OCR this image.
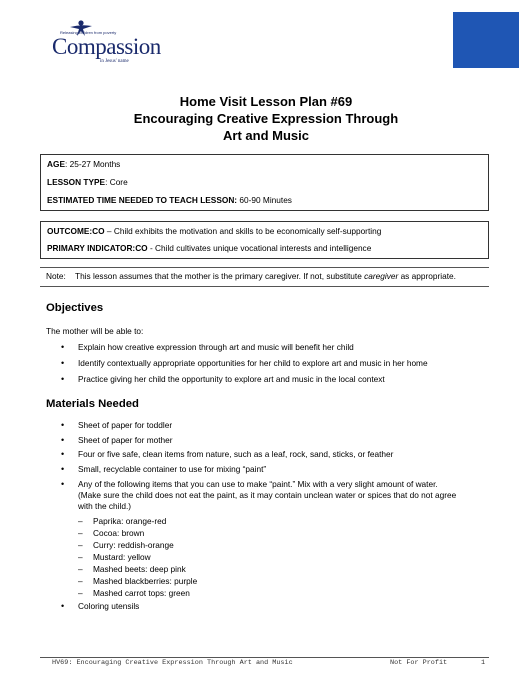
Releasing children from poverty
Compassion
in Jesus' name
Home Visit Lesson Plan #69
Encouraging Creative Expression Through
Art and Music
AGE: 25-27 Months
LESSON TYPE: Core
ESTIMATED TIME NEEDED TO TEACH LESSON: 60-90 Minutes
OUTCOME:CO – Child exhibits the motivation and skills to be economically self-supporting
PRIMARY INDICATOR:CO - Child cultivates unique vocational interests and intelligence
Note: This lesson assumes that the mother is the primary caregiver. If not, substitute caregiver as appropriate.
Objectives
The mother will be able to:
Explain how creative expression through art and music will benefit her child
Identify contextually appropriate opportunities for her child to explore art and music in her home
Practice giving her child the opportunity to explore art and music in the local context
Materials Needed
Sheet of paper for toddler
Sheet of paper for mother
Four or five safe, clean items from nature, such as a leaf, rock, sand, sticks, or feather
Small, recyclable container to use for mixing “paint”
Any of the following items that you can use to make “paint.” Mix with a very slight amount of water.
(Make sure the child does not eat the paint, as it may contain unclean water or spices that do not agree
with the child.)
– Paprika: orange-red
– Cocoa: brown
– Curry: reddish-orange
– Mustard: yellow
– Mashed beets: deep pink
– Mashed blackberries: purple
– Mashed carrot tops: green
Coloring utensils
HV69: Encouraging Creative Expression Through Art and Music	Not For Profit	1
